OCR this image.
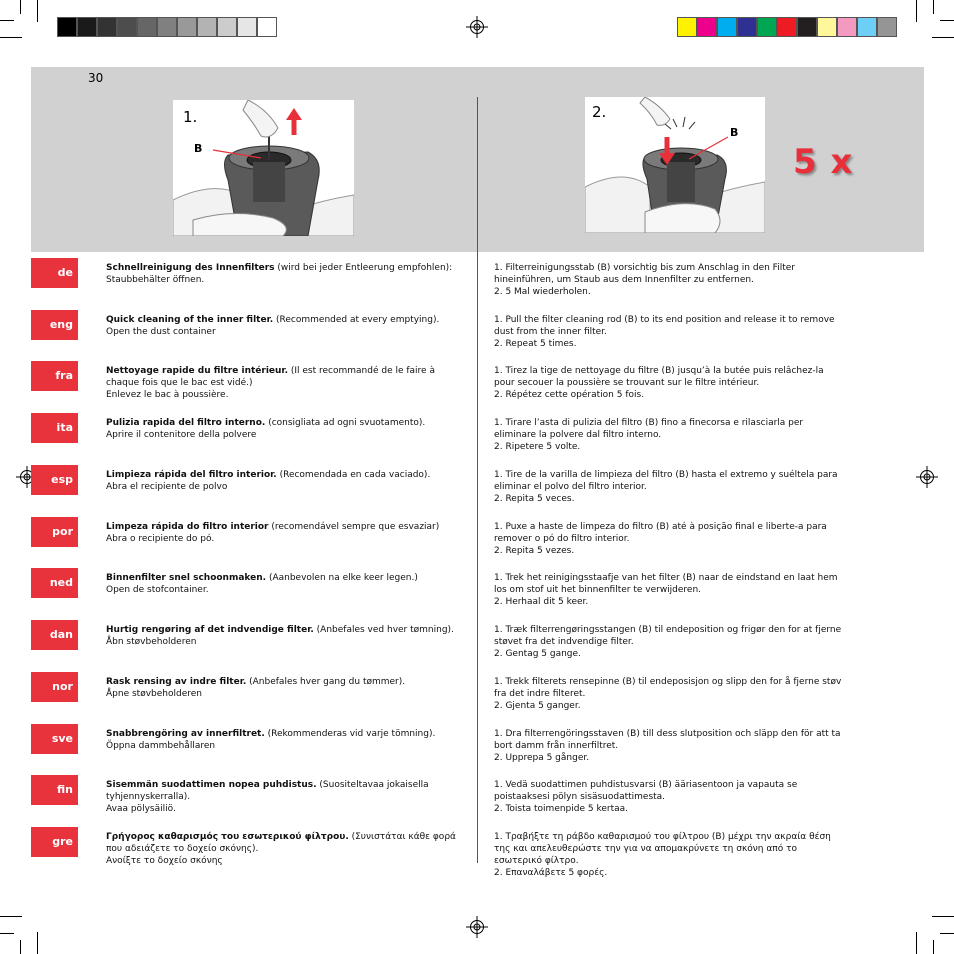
30
1.
B
2.
B
5 x
de	Schnellreinigung des Innenfilters (wird bei jeder Entleerung empfohlen):
Staubbehälter öffnen.
1. Filterreinigungsstab (B) vorsichtig bis zum Anschlag in den Filter hineinführen, um Staub aus dem Innenfilter zu entfernen.
2. 5 Mal wiederholen.
eng	Quick cleaning of the inner filter. (Recommended at every emptying).
Open the dust container
1. Pull the filter cleaning rod (B) to its end position and release it to remove dust from the inner filter.
2. Repeat 5 times.
fra	Nettoyage rapide du filtre intérieur. (Il est recommandé de le faire à chaque fois que le bac est vidé.)
Enlevez le bac à poussière.
1. Tirez la tige de nettoyage du filtre (B) jusqu’à la butée puis relâchez-la pour secouer la poussière se trouvant sur le filtre intérieur.
2. Répétez cette opération 5 fois.
ita	Pulizia rapida del filtro interno. (consigliata ad ogni svuotamento).
Aprire il contenitore della polvere
1. Tirare l’asta di pulizia del filtro (B) fino a finecorsa e rilasciarla per eliminare la polvere dal filtro interno.
2. Ripetere 5 volte.
esp	Limpieza rápida del filtro interior. (Recomendada en cada vaciado).
Abra el recipiente de polvo
1. Tire de la varilla de limpieza del filtro (B) hasta el extremo y suéltela para eliminar el polvo del filtro interior.
2. Repita 5 veces.
por	Limpeza rápida do filtro interior (recomendável sempre que esvaziar)
Abra o recipiente do pó.
1. Puxe a haste de limpeza do filtro (B) até à posição final e liberte-a para remover o pó do filtro interior.
2. Repita 5 vezes.
ned	Binnenfilter snel schoonmaken. (Aanbevolen na elke keer legen.)
Open de stofcontainer.
1. Trek het reinigingsstaafje van het filter (B) naar de eindstand en laat hem los om stof uit het binnenfilter te verwijderen.
2. Herhaal dit 5 keer.
dan	Hurtig rengøring af det indvendige filter. (Anbefales ved hver tømning).
Åbn støvbeholderen
1. Træk filterrengøringsstangen (B) til endeposition og frigør den for at fjerne støvet fra det indvendige filter.
2. Gentag 5 gange.
nor	Rask rensing av indre filter. (Anbefales hver gang du tømmer).
Åpne støvbeholderen
1. Trekk filterets rensepinne (B) til endeposisjon og slipp den for å fjerne støv fra det indre filteret.
2. Gjenta 5 ganger.
sve	Snabbrengöring av innerfiltret. (Rekommenderas vid varje tömning).
Öppna dammbehållaren
1. Dra filterrengöringsstaven (B) till dess slutposition och släpp den för att ta bort damm från innerfiltret.
2. Upprepa 5 gånger.
fin	Sisemmän suodattimen nopea puhdistus. (Suositeltavaa jokaisella tyhjennyskerralla).
Avaa pölysäiliö.
1. Vedä suodattimen puhdistusvarsi (B) ääriasentoon ja vapauta se poistaaksesi pölyn sisäsuodattimesta.
2. Toista toimenpide 5 kertaa.
gre	Γρήγορος καθαρισμός του εσωτερικού φίλτρου. (Συνιστάται κάθε φορά που αδειάζετε το δοχείο σκόνης).
Ανοίξτε το δοχείο σκόνης
1. Τραβήξτε τη ράβδο καθαρισμού του φίλτρου (B) μέχρι την ακραία θέση της και απελευθερώστε την για να απομακρύνετε τη σκόνη από το εσωτερικό φίλτρο.
2. Επαναλάβετε 5 φορές.
